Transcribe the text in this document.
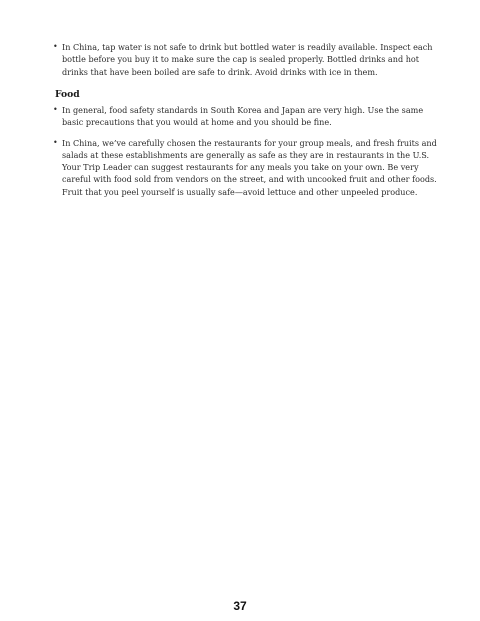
• In China, tap water is not safe to drink but bottled water is readily available. Inspect each bottle before you buy it to make sure the cap is sealed properly. Bottled drinks and hot drinks that have been boiled are safe to drink. Avoid drinks with ice in them.
Food
• In general, food safety standards in South Korea and Japan are very high. Use the same basic precautions that you would at home and you should be fine.
• In China, we’ve carefully chosen the restaurants for your group meals, and fresh fruits and salads at these establishments are generally as safe as they are in restaurants in the U.S. Your Trip Leader can suggest restaurants for any meals you take on your own. Be very careful with food sold from vendors on the street, and with uncooked fruit and other foods. Fruit that you peel yourself is usually safe—avoid lettuce and other unpeeled produce.
37
